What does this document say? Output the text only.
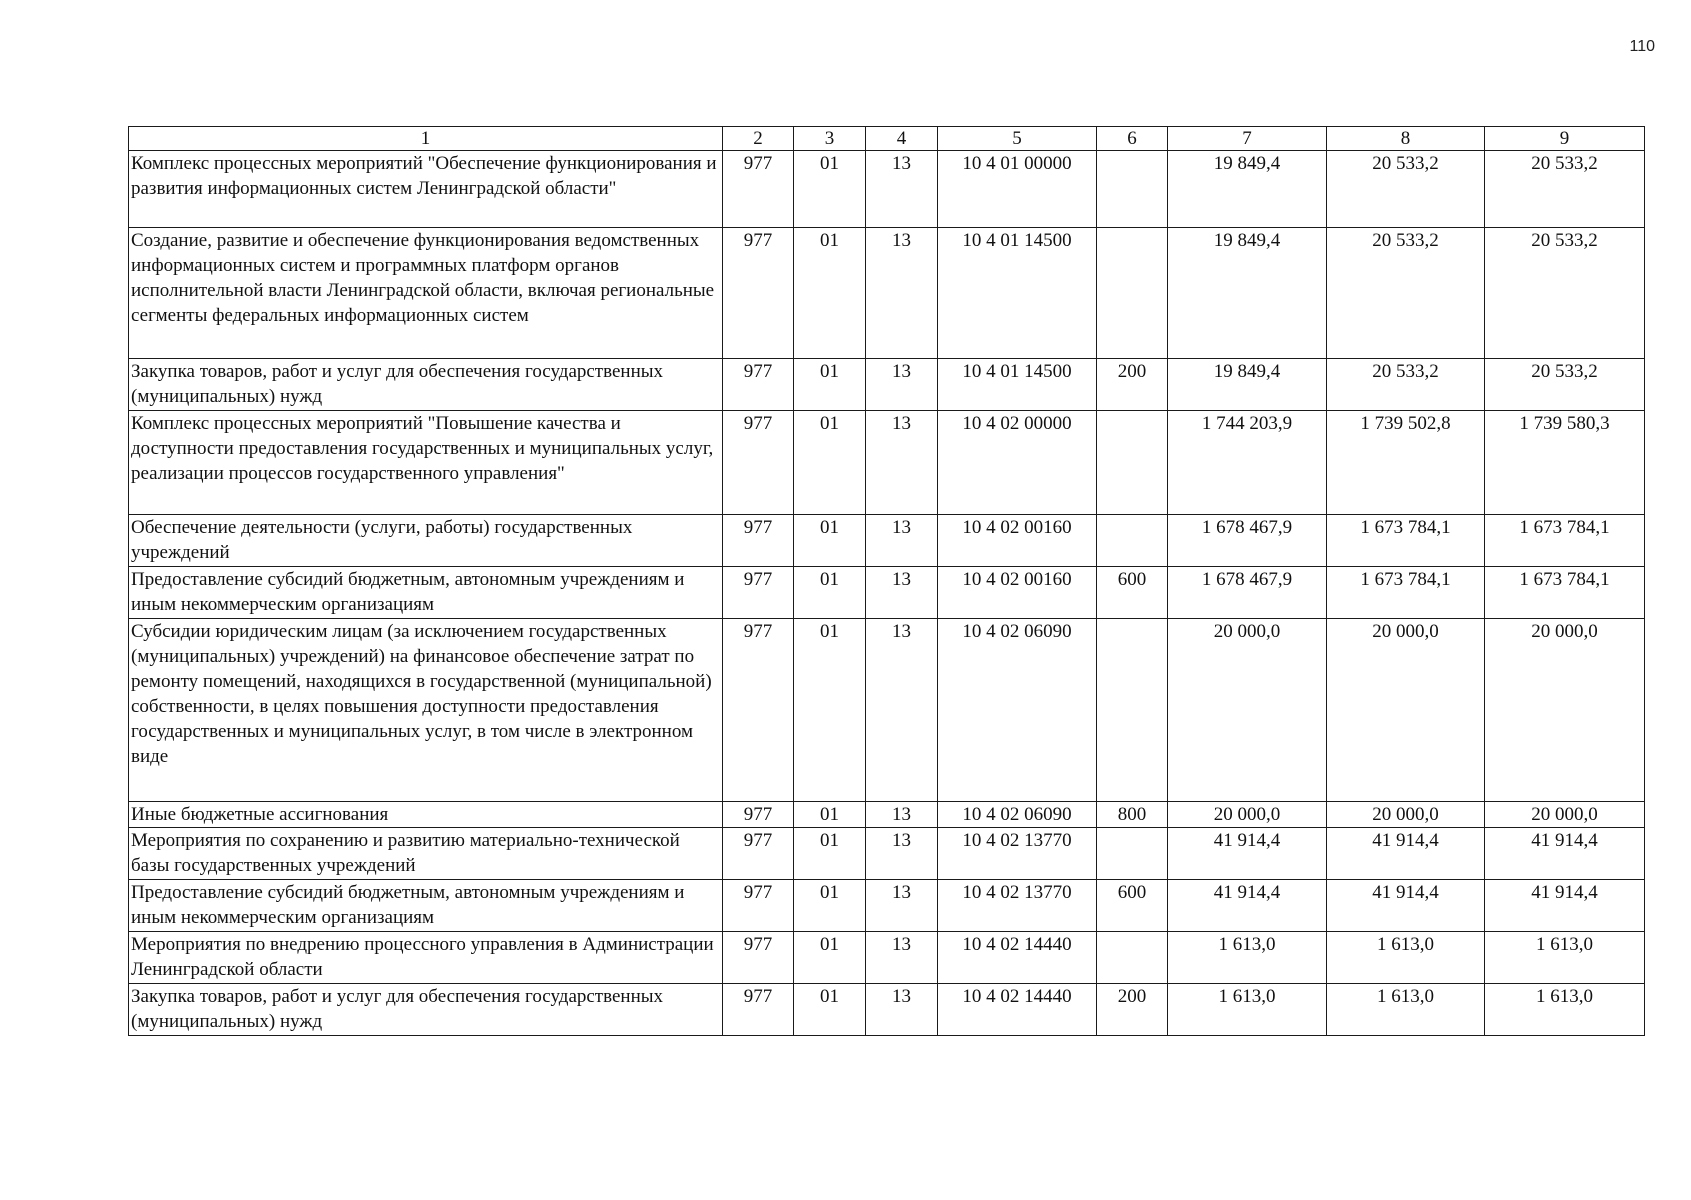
110
1	2	3	4	5	6	7	8	9
Комплекс процессных мероприятий "Обеспечение функционирования и развития информационных систем Ленинградской области"	977	01	13	10 4 01 00000		19 849,4	20 533,2	20 533,2
Создание, развитие и обеспечение функционирования ведомственных информационных систем и программных платформ органов исполнительной власти Ленинградской области, включая региональные сегменты федеральных информационных систем	977	01	13	10 4 01 14500		19 849,4	20 533,2	20 533,2
Закупка товаров, работ и услуг для обеспечения государственных (муниципальных) нужд	977	01	13	10 4 01 14500	200	19 849,4	20 533,2	20 533,2
Комплекс процессных мероприятий "Повышение качества и доступности предоставления государственных и муниципальных услуг, реализации процессов государственного управления"	977	01	13	10 4 02 00000		1 744 203,9	1 739 502,8	1 739 580,3
Обеспечение деятельности (услуги, работы) государственных учреждений	977	01	13	10 4 02 00160		1 678 467,9	1 673 784,1	1 673 784,1
Предоставление субсидий бюджетным, автономным учреждениям и иным некоммерческим организациям	977	01	13	10 4 02 00160	600	1 678 467,9	1 673 784,1	1 673 784,1
Субсидии юридическим лицам (за исключением государственных (муниципальных) учреждений) на финансовое обеспечение затрат по ремонту помещений, находящихся в государственной (муниципальной) собственности, в целях повышения доступности предоставления государственных и муниципальных услуг, в том числе в электронном виде	977	01	13	10 4 02 06090		20 000,0	20 000,0	20 000,0
Иные бюджетные ассигнования	977	01	13	10 4 02 06090	800	20 000,0	20 000,0	20 000,0
Мероприятия по сохранению и развитию материально-технической базы государственных учреждений	977	01	13	10 4 02 13770		41 914,4	41 914,4	41 914,4
Предоставление субсидий бюджетным, автономным учреждениям и иным некоммерческим организациям	977	01	13	10 4 02 13770	600	41 914,4	41 914,4	41 914,4
Мероприятия по внедрению процессного управления в Администрации Ленинградской области	977	01	13	10 4 02 14440		1 613,0	1 613,0	1 613,0
Закупка товаров, работ и услуг для обеспечения государственных (муниципальных) нужд	977	01	13	10 4 02 14440	200	1 613,0	1 613,0	1 613,0
